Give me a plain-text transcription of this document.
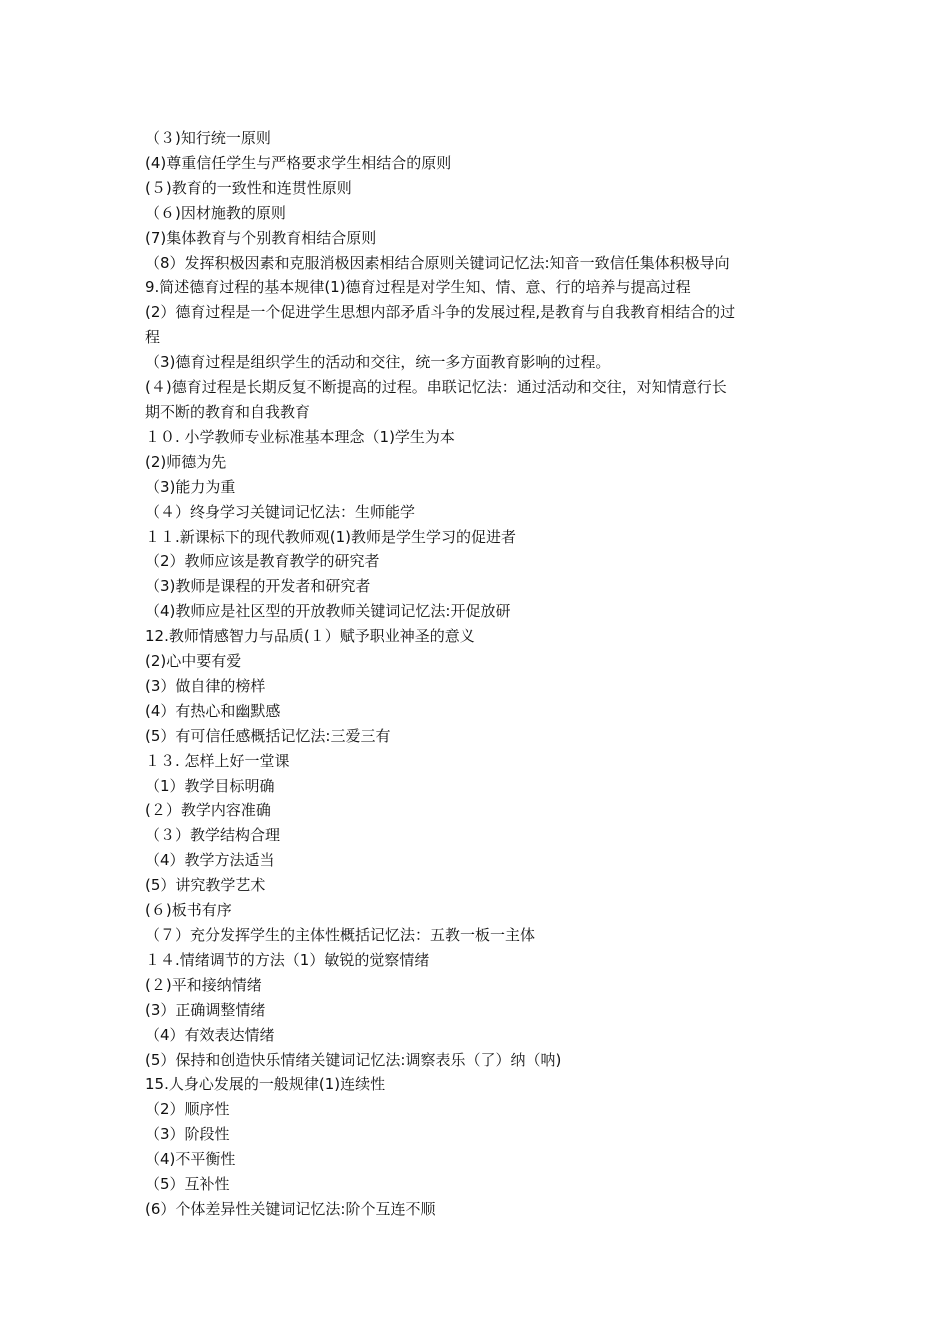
（３)知行统一原则
(4)尊重信任学生与严格要求学生相结合的原则
(５)教育的一致性和连贯性原则
（６)因材施教的原则
(7)集体教育与个别教育相结合原则
（8）发挥积极因素和克服消极因素相结合原则关键词记忆法:知音一致信任集体积极导向
9.简述德育过程的基本规律(1)德育过程是对学生知、情、意、行的培养与提高过程
(2）德育过程是一个促进学生思想内部矛盾斗争的发展过程,是教育与自我教育相结合的过
程
（3)德育过程是组织学生的活动和交往，统一多方面教育影响的过程。
(４)德育过程是长期反复不断提高的过程。串联记忆法：通过活动和交往，对知情意行长
期不断的教育和自我教育
１０. 小学教师专业标准基本理念（1)学生为本
(2)师德为先
（3)能力为重
（４）终身学习关键词记忆法：生师能学
１１.新课标下的现代教师观(1)教师是学生学习的促进者
（2）教师应该是教育教学的研究者
（3)教师是课程的开发者和研究者
（4)教师应是社区型的开放教师关键词记忆法:开促放研
12.教师情感智力与品质(１）赋予职业神圣的意义
(2)心中要有爱
(3）做自律的榜样
(4）有热心和幽默感
(5）有可信任感概括记忆法:三爱三有
１３. 怎样上好一堂课
（1）教学目标明确
(２）教学内容准确
（３）教学结构合理
（4）教学方法适当
(5）讲究教学艺术
(６)板书有序
（７）充分发挥学生的主体性概括记忆法：五教一板一主体
１４.情绪调节的方法（1）敏锐的觉察情绪
(２)平和接纳情绪
(3）正确调整情绪
（4）有效表达情绪
(5）保持和创造快乐情绪关键词记忆法:调察表乐（了）纳（呐)
15.人身心发展的一般规律(1)连续性
（2）顺序性
（3）阶段性
（4)不平衡性
（5）互补性
(6）个体差异性关键词记忆法:阶个互连不顺
